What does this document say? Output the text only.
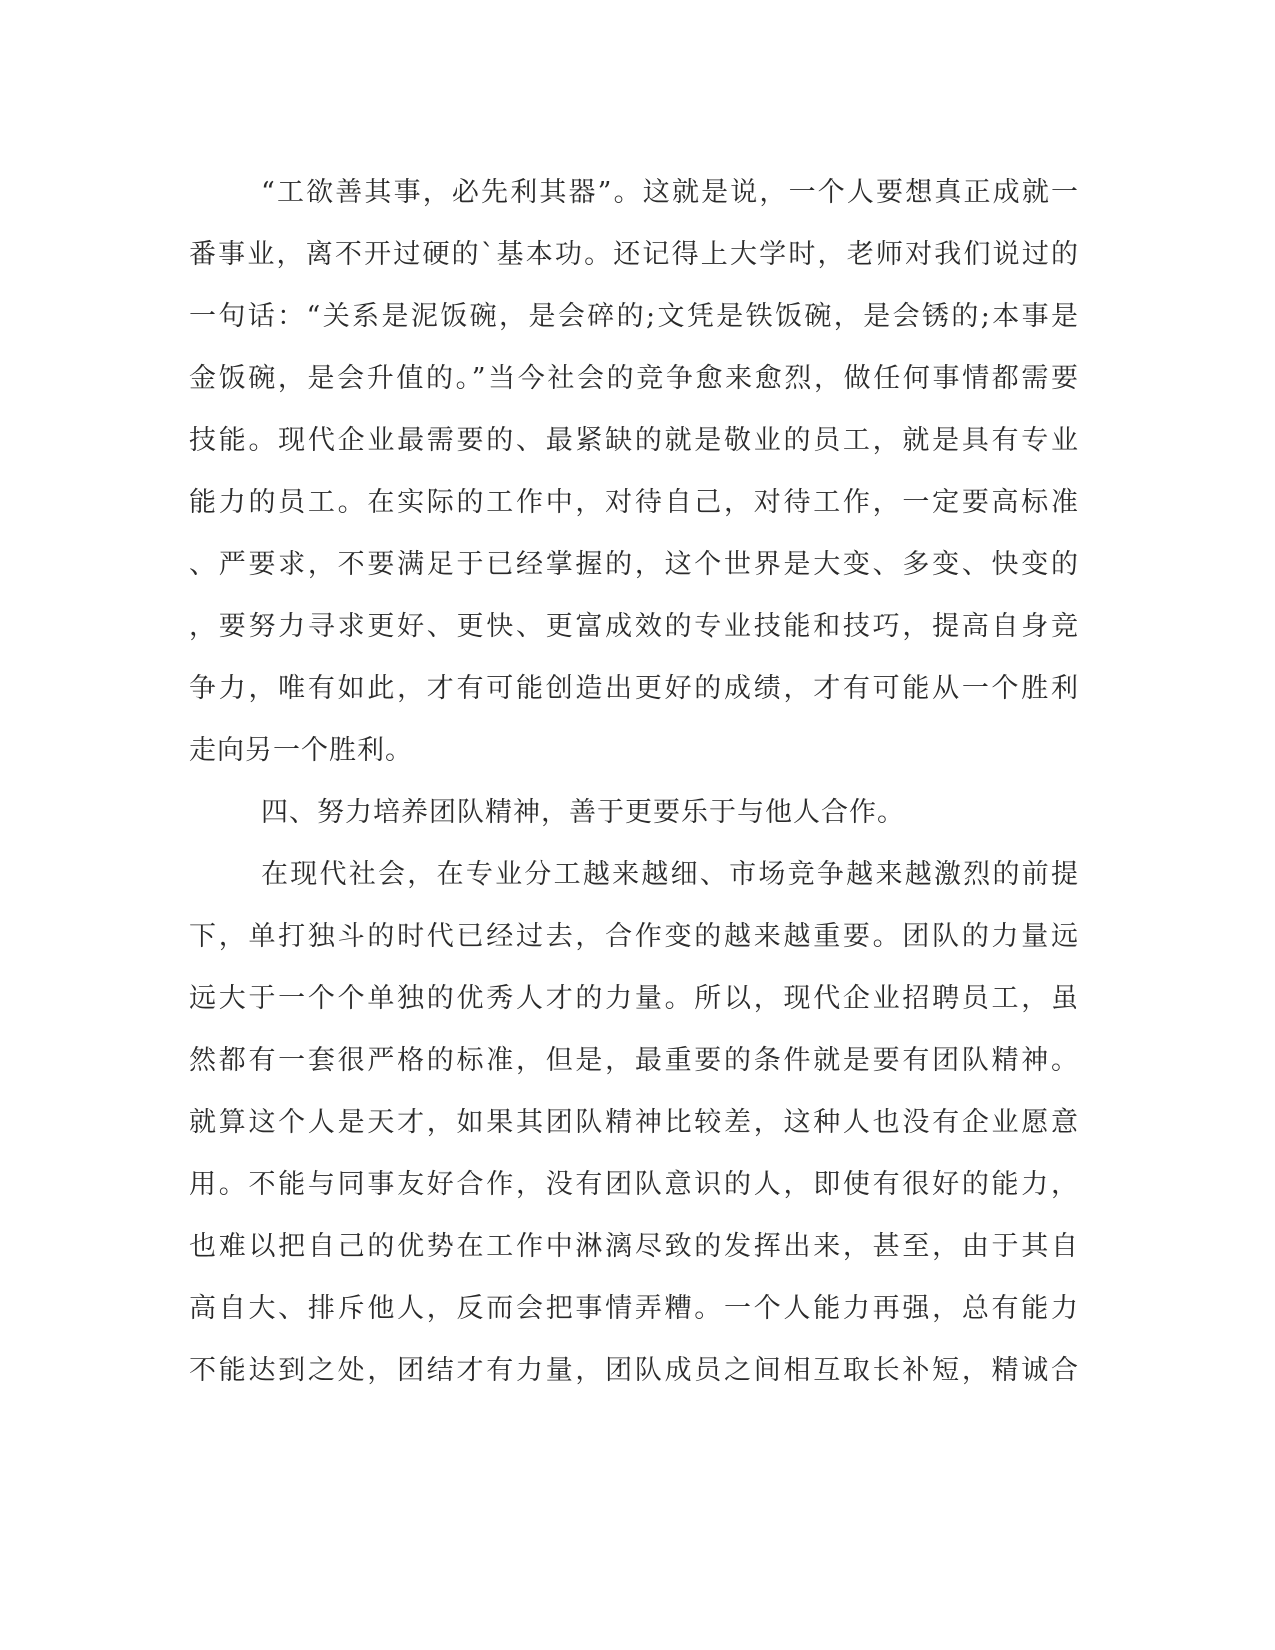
“工欲善其事，必先利其器”。这就是说，一个人要想真正成就一
番事业，离不开过硬的`基本功。还记得上大学时，老师对我们说过的
一句话：“关系是泥饭碗，是会碎的;文凭是铁饭碗，是会锈的;本事是
金饭碗，是会升值的。”当今社会的竞争愈来愈烈，做任何事情都需要
技能。现代企业最需要的、最紧缺的就是敬业的员工，就是具有专业
能力的员工。在实际的工作中，对待自己，对待工作，一定要高标准
、严要求，不要满足于已经掌握的，这个世界是大变、多变、快变的
，要努力寻求更好、更快、更富成效的专业技能和技巧，提高自身竞
争力，唯有如此，才有可能创造出更好的成绩，才有可能从一个胜利
走向另一个胜利。
四、努力培养团队精神，善于更要乐于与他人合作。
在现代社会，在专业分工越来越细、市场竞争越来越激烈的前提
下，单打独斗的时代已经过去，合作变的越来越重要。团队的力量远
远大于一个个单独的优秀人才的力量。所以，现代企业招聘员工，虽
然都有一套很严格的标准，但是，最重要的条件就是要有团队精神。
就算这个人是天才，如果其团队精神比较差，这种人也没有企业愿意
用。不能与同事友好合作，没有团队意识的人，即使有很好的能力，
也难以把自己的优势在工作中淋漓尽致的发挥出来，甚至，由于其自
高自大、排斥他人，反而会把事情弄糟。一个人能力再强，总有能力
不能达到之处，团结才有力量，团队成员之间相互取长补短，精诚合
